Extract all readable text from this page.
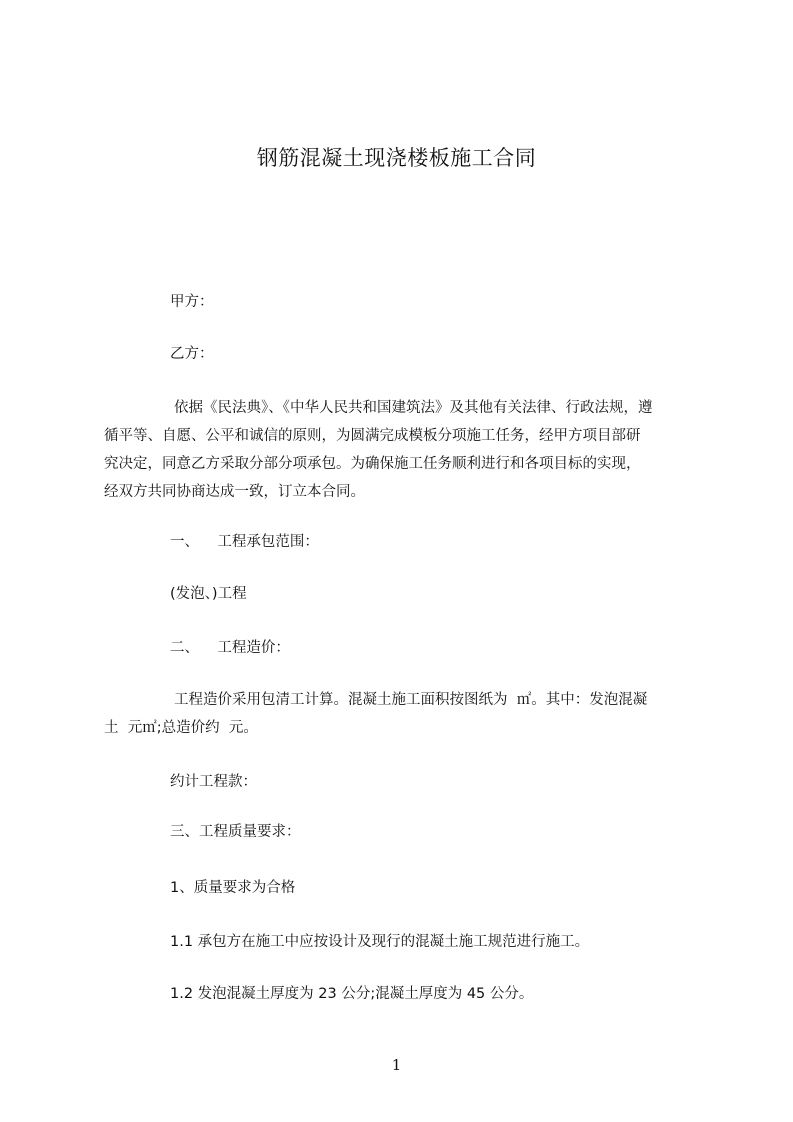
钢筋混凝土现浇楼板施工合同
甲方：
乙方：
依据《民法典》、《中华人民共和国建筑法》及其他有关法律、行政法规，遵
循平等、自愿、公平和诚信的原则，为圆满完成模板分项施工任务，经甲方项目部研
究决定，同意乙方采取分部分项承包。为确保施工任务顺利进行和各项目标的实现，
经双方共同协商达成一致，订立本合同。
一、    工程承包范围：
(发泡、)工程
二、    工程造价：
工程造价采用包清工计算。混凝土施工面积按图纸为  ㎡。其中：发泡混凝
土  元㎡;总造价约  元。
约计工程款：
三、工程质量要求：
1、质量要求为合格
1.1 承包方在施工中应按设计及现行的混凝土施工规范进行施工。
1.2 发泡混凝土厚度为 23 公分;混凝土厚度为 45 公分。
1
